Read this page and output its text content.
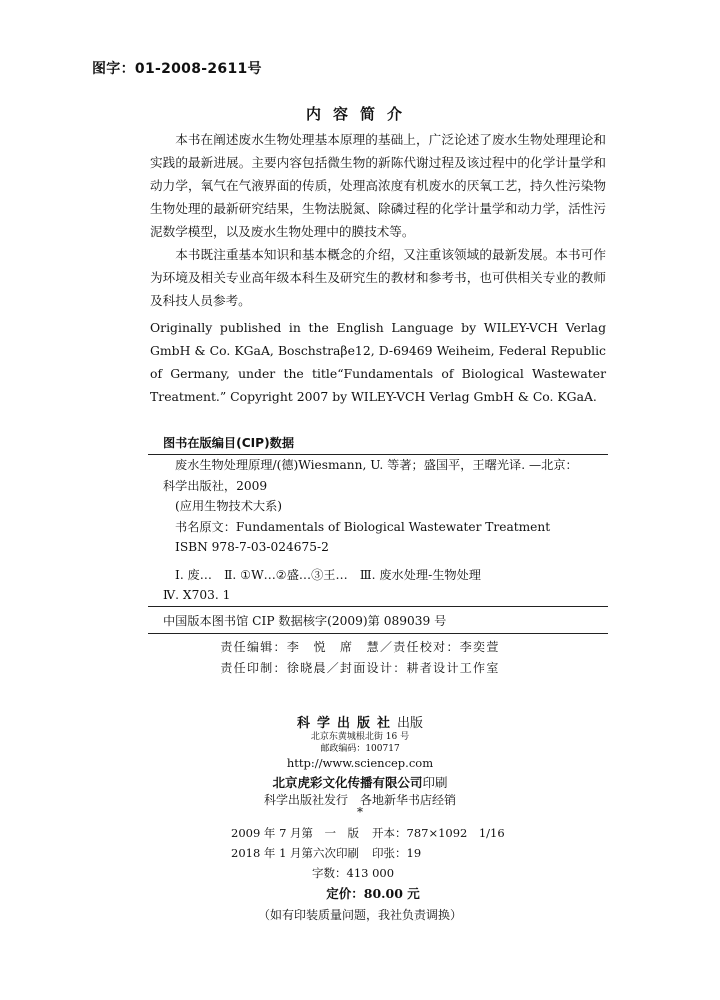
图字：01-2008-2611号
内容简介

本书在阐述废水生物处理基本原理的基础上，广泛论述了废水生物处理理论和实践的最新进展。主要内容包括微生物的新陈代谢过程及该过程中的化学计量学和动力学，氧气在气液界面的传质，处理高浓度有机废水的厌氧工艺，持久性污染物生物处理的最新研究结果，生物法脱氮、除磷过程的化学计量学和动力学，活性污泥数学模型，以及废水生物处理中的膜技术等。

本书既注重基本知识和基本概念的介绍，又注重该领域的最新发展。本书可作为环境及相关专业高年级本科生及研究生的教材和参考书，也可供相关专业的教师及科技人员参考。

Originally published in the English Language by WILEY-VCH Verlag GmbH & Co. KGaA, Boschstraβe12, D-69469 Weiheim, Federal Republic of Germany, under the title“Fundamentals of Biological Wastewater Treatment.” Copyright 2007 by WILEY-VCH Verlag GmbH & Co. KGaA.
图书在版编目(CIP)数据
废水生物处理原理/(德)Wiesmann, U. 等著；盛国平，王曙光译. —北京：
科学出版社，2009
(应用生物技术大系)
书名原文：Fundamentals of Biological Wastewater Treatment
ISBN 978-7-03-024675-2
Ⅰ. 废…　Ⅱ. ①W…②盛…③王…　Ⅲ. 废水处理-生物处理
Ⅳ. X703. 1
中国版本图书馆 CIP 数据核字(2009)第 089039 号
责任编辑：李　悦　席　慧／责任校对：李奕萱
责任印制：徐晓晨／封面设计：耕者设计工作室
科学出版社出版
北京东黄城根北街 16 号
邮政编码：100717
http://www.sciencep.com
北京虎彩文化传播有限公司印刷
科学出版社发行　各地新华书店经销
*
2009 年 7 月第　一　版 开本：787×1092　1/16
2018 年 1 月第六次印刷 印张：19
字数：413 000
定价：80.00 元
（如有印装质量问题，我社负责调换）
